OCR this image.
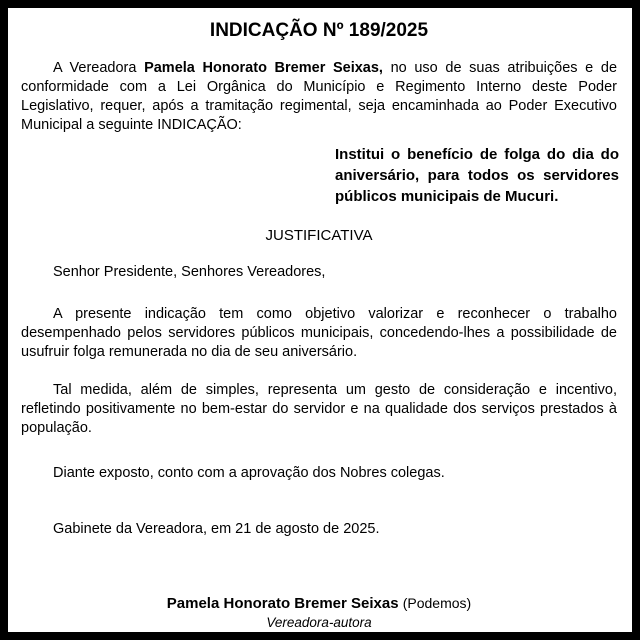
INDICAÇÃO Nº 189/2025

A Vereadora Pamela Honorato Bremer Seixas, no uso de suas atribuições e de conformidade com a Lei Orgânica do Município e Regimento Interno deste Poder Legislativo, requer, após a tramitação regimental, seja encaminhada ao Poder Executivo Municipal a seguinte INDICAÇÃO:

Institui o benefício de folga do dia do aniversário, para todos os servidores públicos municipais de Mucuri.

JUSTIFICATIVA

Senhor Presidente, Senhores Vereadores,

A presente indicação tem como objetivo valorizar e reconhecer o trabalho desempenhado pelos servidores públicos municipais, concedendo-lhes a possibilidade de usufruir folga remunerada no dia de seu aniversário.

Tal medida, além de simples, representa um gesto de consideração e incentivo, refletindo positivamente no bem-estar do servidor e na qualidade dos serviços prestados à população.

Diante exposto, conto com a aprovação dos Nobres colegas.

Gabinete da Vereadora, em 21 de agosto de 2025.

Pamela Honorato Bremer Seixas (Podemos)
Vereadora-autora
